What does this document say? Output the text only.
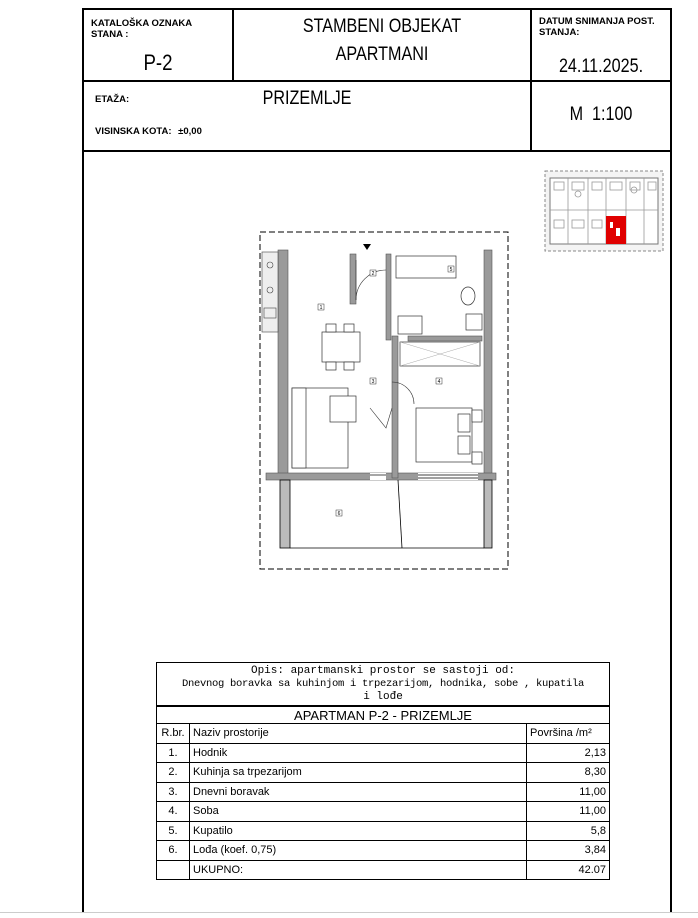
KATALOŠKA OZNAKA STANA :
P-2
STAMBENI OBJEKAT
APARTMANI
DATUM SNIMANJA POST. STANJA:
24.11.2025.
ETAŽA:	PRIZEMLJE
VISINSKA KOTA: ±0,00
M  1:100
2
1
3	4
5
6
Opis: apartmanski prostor se sastoji od:
Dnevnog boravka sa kuhinjom i trpezarijom, hodnika, sobe , kupatila
i lođe
APARTMAN P-2 - PRIZEMLJE		
R.br.	Naziv prostorije	Površina /m²
1.	Hodnik	2,13
2.	Kuhinja sa trpezarijom	8,30
3.	Dnevni boravak	11,00
4.	Soba	11,00
5.	Kupatilo	5,8
6.	Lođa (koef. 0,75)	3,84
	UKUPNO:	42.07
